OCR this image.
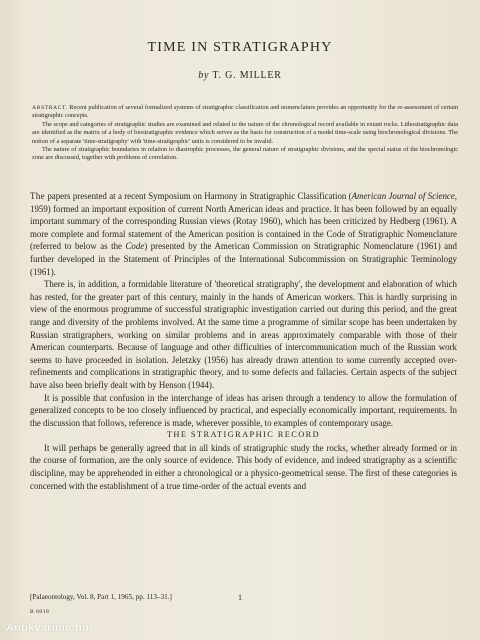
TIME IN STRATIGRAPHY
by T. G. MILLER

ABSTRACT. Recent publication of several formalized systems of stratigraphic classification and nomenclature provides an opportunity for the re-assessment of certain stratigraphic concepts.

The scope and categories of stratigraphic studies are examined and related to the nature of the chronological record available in extant rocks. Lithostratigraphic data are identified as the matrix of a body of biostratigraphic evidence which serves as the basis for construction of a model time-scale using biochronological divisions. The notion of a separate 'time-stratigraphy' with 'time-stratigraphic' units is considered to be invalid.

The nature of stratigraphic boundaries in relation to diastrophic processes, the general nature of stratigraphic divisions, and the special status of the biochronologic zone are discussed, together with problems of correlation.

The papers presented at a recent Symposium on Harmony in Stratigraphic Classification (American Journal of Science, 1959) formed an important exposition of current North American ideas and practice. It has been followed by an equally important summary of the corresponding Russian views (Rotay 1960), which has been criticized by Hedberg (1961). A more complete and formal statement of the American position is contained in the Code of Stratigraphic Nomenclature (referred to below as the Code) presented by the American Commission on Stratigraphic Nomenclature (1961) and further developed in the Statement of Principles of the International Subcommission on Stratigraphic Terminology (1961).

There is, in addition, a formidable literature of 'theoretical stratigraphy', the development and elaboration of which has rested, for the greater part of this century, mainly in the hands of American workers. This is hardly surprising in view of the enormous programme of successful stratigraphic investigation carried out during this period, and the great range and diversity of the problems involved. At the same time a programme of similar scope has been undertaken by Russian stratigraphers, working on similar problems and in areas approximately comparable with those of their American counterparts. Because of language and other difficulties of intercommunication much of the Russian work seems to have proceeded in isolation. Jeletzky (1956) has already drawn attention to some currently accepted over-refinements and complications in stratigraphic theory, and to some defects and fallacies. Certain aspects of the subject have also been briefly dealt with by Henson (1944).

It is possible that confusion in the interchange of ideas has arisen through a tendency to allow the formulation of generalized concepts to be too closely influenced by practical, and especially economically important, requirements. In the discussion that follows, reference is made, wherever possible, to examples of contemporary usage.

THE STRATIGRAPHIC RECORD

It will perhaps be generally agreed that in all kinds of stratigraphic study the rocks, whether already formed or in the course of formation, are the only source of evidence. This body of evidence, and indeed stratigraphy as a scientific discipline, may be apprehended in either a chronological or a physico-geometrical sense. The first of these categories is concerned with the establishment of a true time-order of the actual events and

[Palaeontology, Vol. 8, Part 1, 1965, pp. 113–31.]	1
B 6018
Antikvarium.hu
